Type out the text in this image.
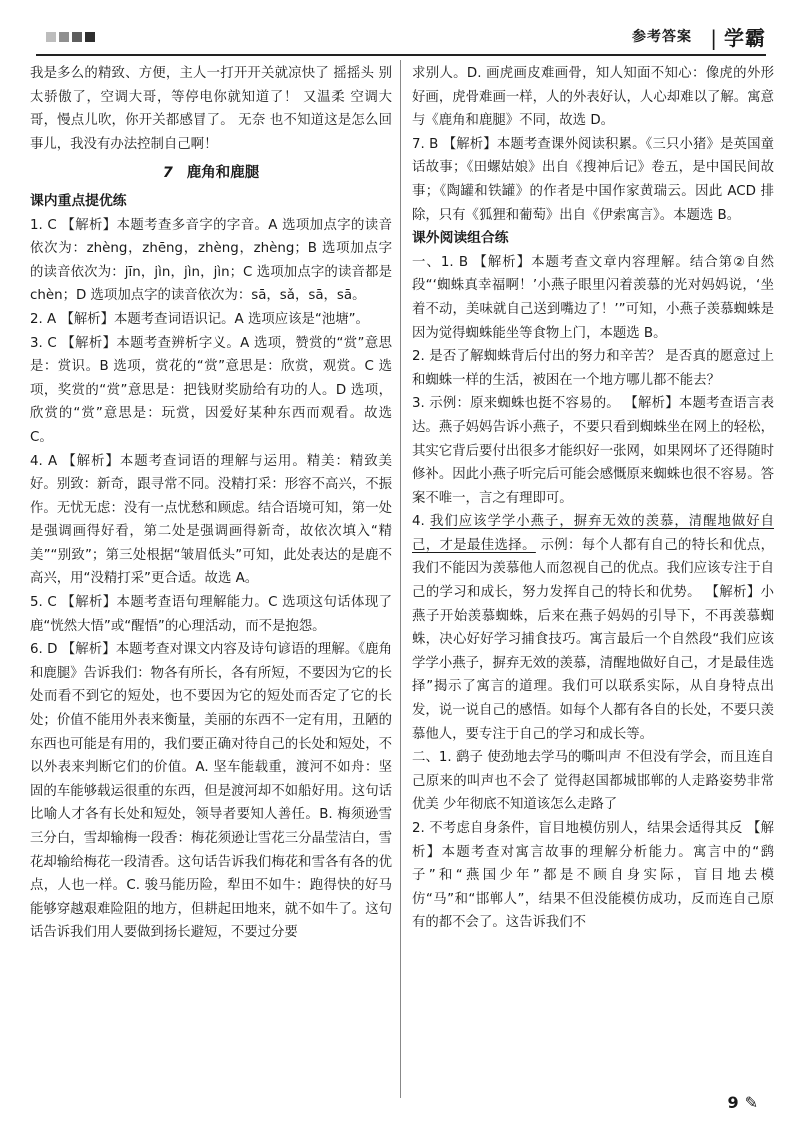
参考答案
|	学霸

我是多么的精致、方便，主人一打开开关就凉快了 摇摇头 别太骄傲了，空调大哥，等停电你就知道了！ 又温柔 空调大哥，慢点儿吹，你开关都感冒了。 无奈 也不知道这是怎么回事儿，我没有办法控制自己啊！

7 鹿角和鹿腿

课内重点提优练

1. C 【解析】本题考查多音字的字音。A 选项加点字的读音依次为：zhèng，zhēng，zhèng，zhèng；B 选项加点字的读音依次为：jīn，jìn，jìn，jìn；C 选项加点字的读音都是 chèn；D 选项加点字的读音依次为：sā，sǎ，sā，sā。

2. A 【解析】本题考查词语识记。A 选项应该是“池塘”。

3. C 【解析】本题考查辨析字义。A 选项，赞赏的“赏”意思是：赏识。B 选项，赏花的“赏”意思是：欣赏，观赏。C 选项，奖赏的“赏”意思是：把钱财奖励给有功的人。D 选项，欣赏的“赏”意思是：玩赏，因爱好某种东西而观看。故选 C。

4. A 【解析】本题考查词语的理解与运用。精美：精致美好。别致：新奇，跟寻常不同。没精打采：形容不高兴，不振作。无忧无虑：没有一点忧愁和顾虑。结合语境可知，第一处是强调画得好看，第二处是强调画得新奇，故依次填入“精美”“别致”；第三处根据“皱眉低头”可知，此处表达的是鹿不高兴，用“没精打采”更合适。故选 A。

5. C 【解析】本题考查语句理解能力。C 选项这句话体现了鹿“恍然大悟”或“醒悟”的心理活动，而不是抱怨。

6. D 【解析】本题考查对课文内容及诗句谚语的理解。《鹿角和鹿腿》告诉我们：物各有所长，各有所短，不要因为它的长处而看不到它的短处，也不要因为它的短处而否定了它的长处；价值不能用外表来衡量，美丽的东西不一定有用，丑陋的东西也可能是有用的，我们要正确对待自己的长处和短处，不以外表来判断它们的价值。A. 坚车能载重，渡河不如舟：坚固的车能够载运很重的东西，但是渡河却不如船好用。这句话比喻人才各有长处和短处，领导者要知人善任。B. 梅须逊雪三分白，雪却输梅一段香：梅花须逊让雪花三分晶莹洁白，雪花却输给梅花一段清香。这句话告诉我们梅花和雪各有各的优点，人也一样。C. 骏马能历险，犁田不如牛：跑得快的好马能够穿越艰难险阻的地方，但耕起田地来，就不如牛了。这句话告诉我们用人要做到扬长避短，不要过分要

求别人。D. 画虎画皮难画骨，知人知面不知心：像虎的外形好画，虎骨难画一样，人的外表好认，人心却难以了解。寓意与《鹿角和鹿腿》不同，故选 D。

7. B 【解析】本题考查课外阅读积累。《三只小猪》是英国童话故事；《田螺姑娘》出自《搜神后记》卷五，是中国民间故事；《陶罐和铁罐》的作者是中国作家黄瑞云。因此 ACD 排除，只有《狐狸和葡萄》出自《伊索寓言》。本题选 B。

课外阅读组合练

一、1. B 【解析】本题考查文章内容理解。结合第②自然段“‘蜘蛛真幸福啊！’小燕子眼里闪着羡慕的光对妈妈说，‘坐着不动，美味就自己送到嘴边了！’”可知，小燕子羡慕蜘蛛是因为觉得蜘蛛能坐等食物上门，本题选 B。

2. 是否了解蜘蛛背后付出的努力和辛苦？ 是否真的愿意过上和蜘蛛一样的生活，被困在一个地方哪儿都不能去？

3. 示例：原来蜘蛛也挺不容易的。 【解析】本题考查语言表达。燕子妈妈告诉小燕子，不要只看到蜘蛛坐在网上的轻松，其实它背后要付出很多才能织好一张网，如果网坏了还得随时修补。因此小燕子听完后可能会感慨原来蜘蛛也很不容易。答案不唯一，言之有理即可。

4. 我们应该学学小燕子，摒弃无效的羡慕，清醒地做好自己，才是最佳选择。 示例：每个人都有自己的特长和优点，我们不能因为羡慕他人而忽视自己的优点。我们应该专注于自己的学习和成长，努力发挥自己的特长和优势。 【解析】小燕子开始羡慕蜘蛛，后来在燕子妈妈的引导下，不再羡慕蜘蛛，决心好好学习捕食技巧。寓言最后一个自然段“我们应该学学小燕子，摒弃无效的羡慕，清醒地做好自己，才是最佳选择”揭示了寓言的道理。我们可以联系实际，从自身特点出发，说一说自己的感悟。如每个人都有各自的长处，不要只羡慕他人，要专注于自己的学习和成长等。

二、1. 鹞子 使劲地去学马的嘶叫声 不但没有学会，而且连自己原来的叫声也不会了 觉得赵国都城邯郸的人走路姿势非常优美 少年彻底不知道该怎么走路了

2. 不考虑自身条件，盲目地模仿别人，结果会适得其反 【解析】本题考查对寓言故事的理解分析能力。寓言中的“鹞子”和“燕国少年”都是不顾自身实际，盲目地去模仿“马”和“邯郸人”，结果不但没能模仿成功，反而连自己原有的都不会了。这告诉我们不

9 ✎
